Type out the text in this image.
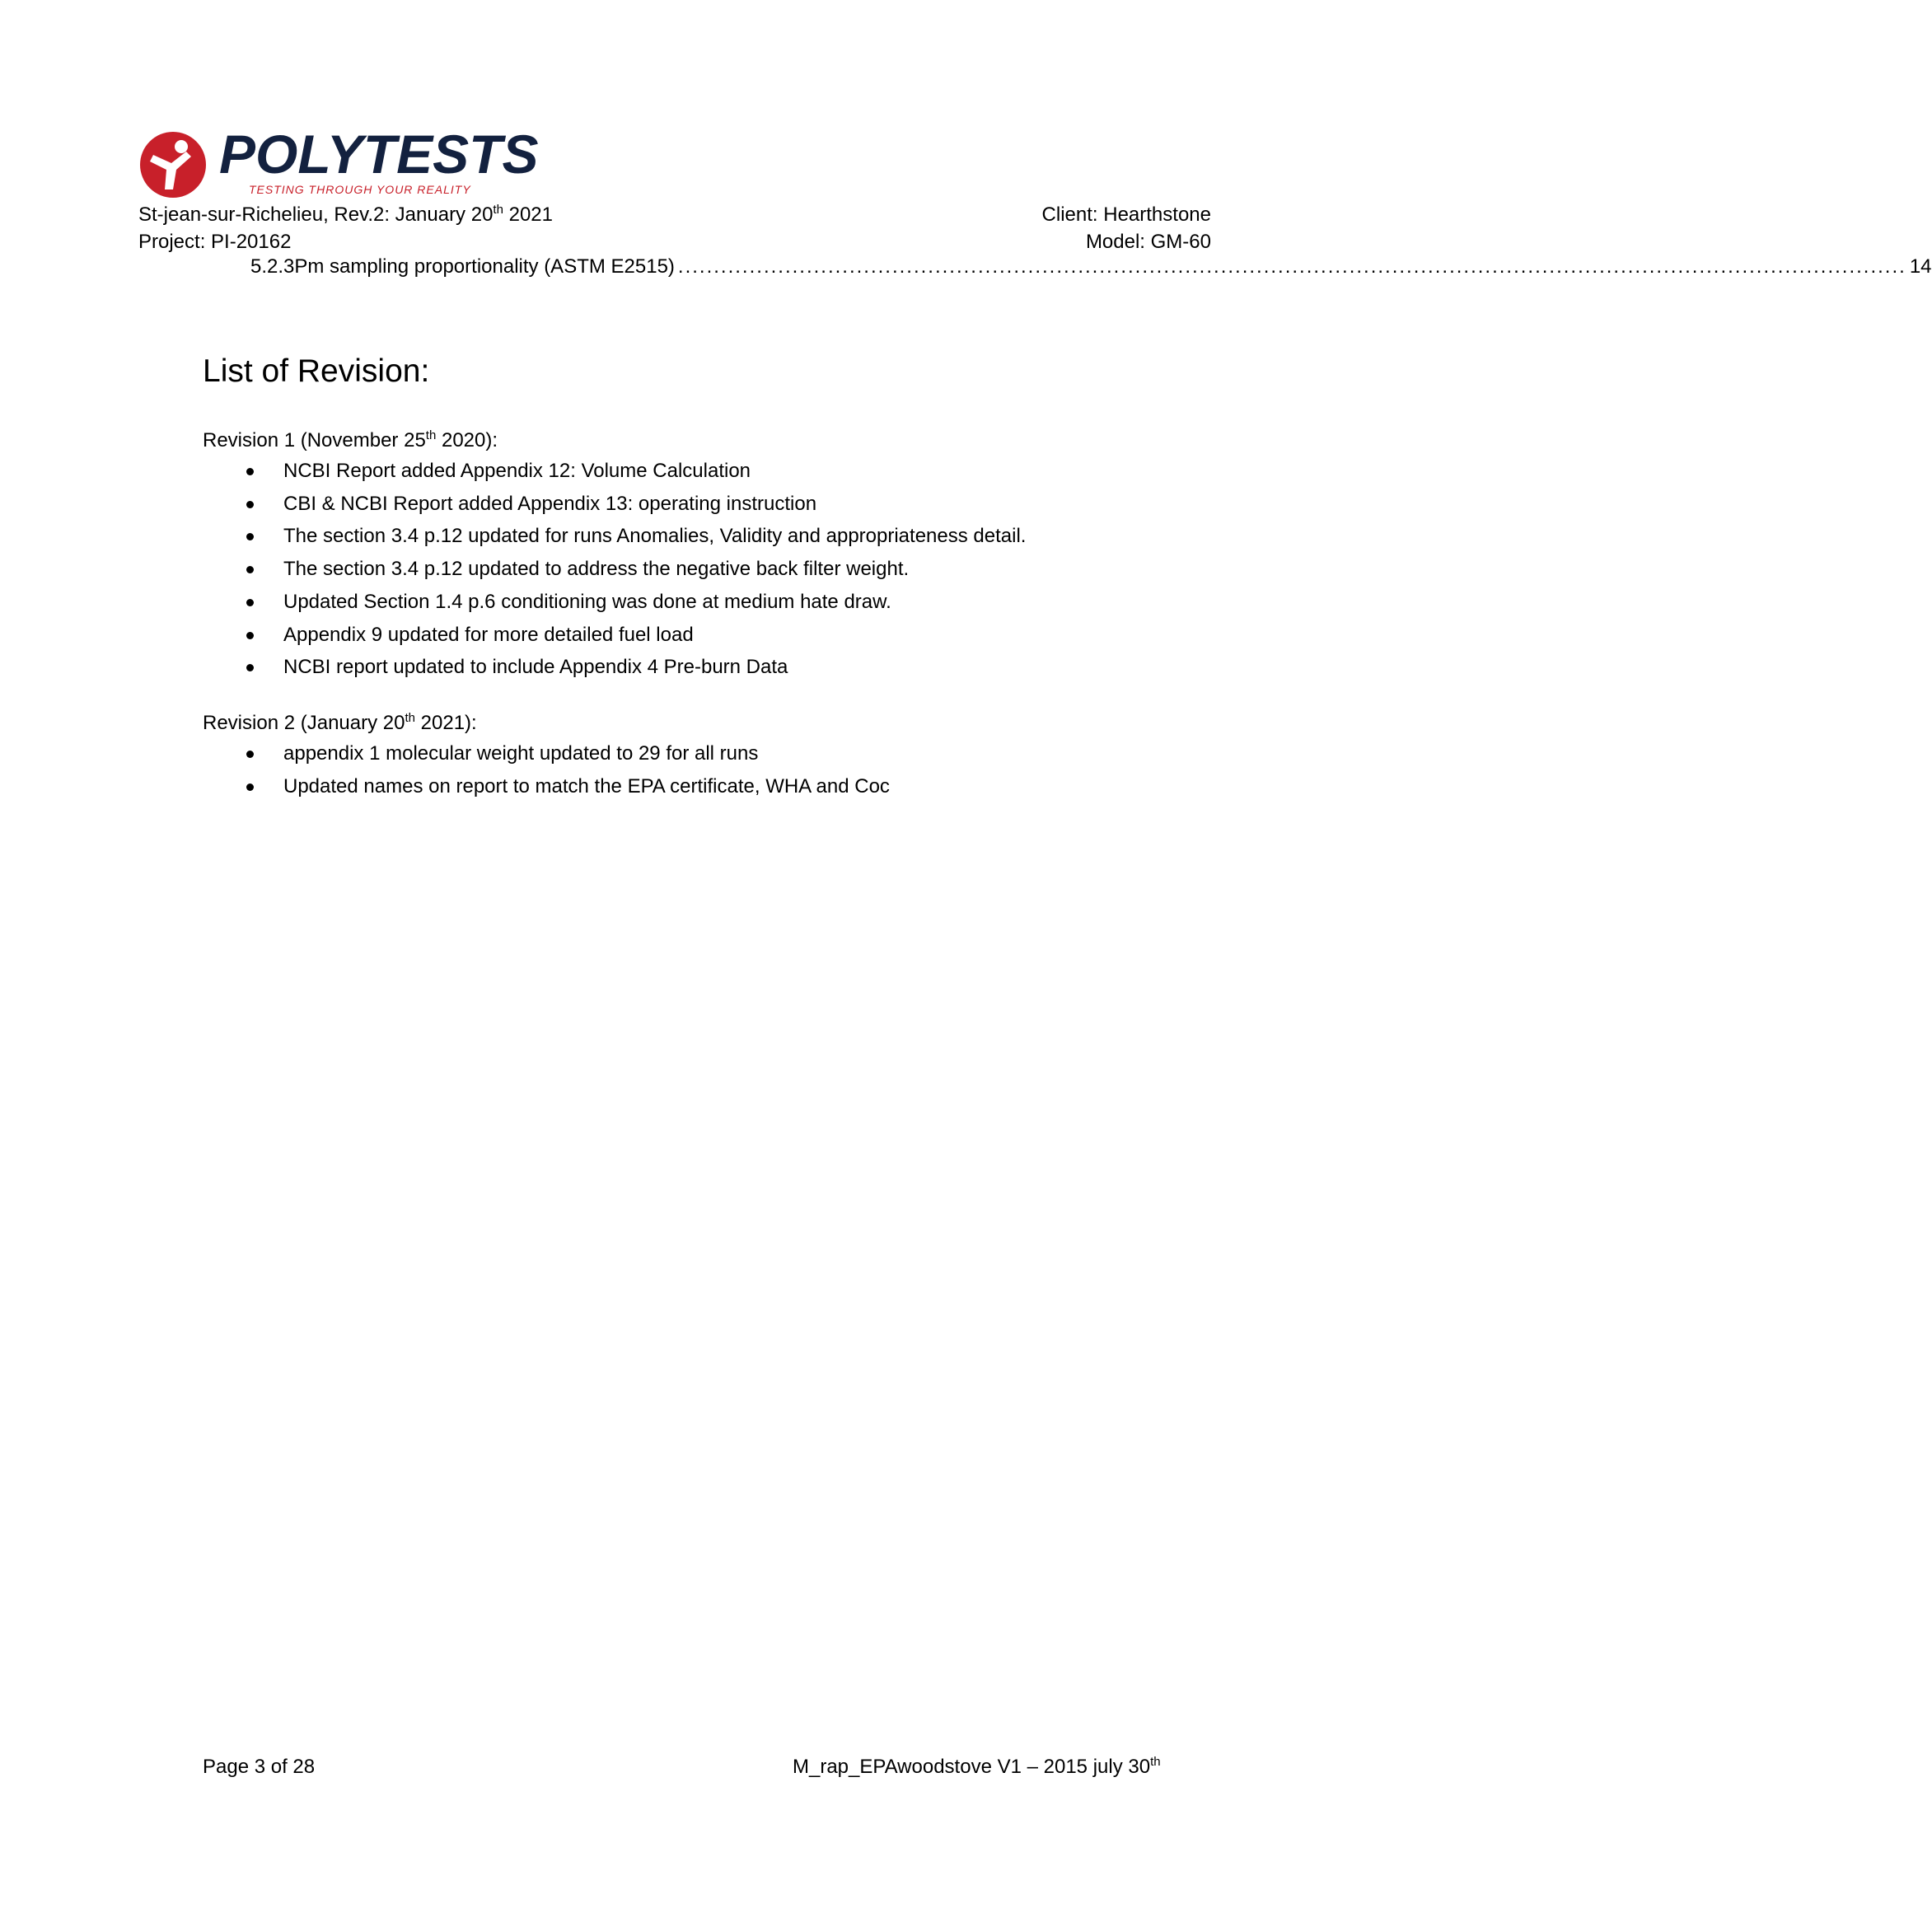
POLYTESTS
TESTING THROUGH YOUR REALITY
St-jean-sur-Richelieu, Rev.2: January 20th 2021
Project: PI-20162
Client: Hearthstone
Model: GM-60
5.2.3 Pm sampling proportionality (ASTM E2515) ............................................................................................................................................................................ 14
List of Revision:
Revision 1 (November 25th 2020):
NCBI Report added Appendix 12: Volume Calculation
CBI & NCBI Report added Appendix 13: operating instruction
The section 3.4 p.12 updated for runs Anomalies, Validity and appropriateness detail.
The section 3.4 p.12 updated to address the negative back filter weight.
Updated Section 1.4 p.6 conditioning was done at medium hate draw.
Appendix 9 updated for more detailed fuel load
NCBI report updated to include Appendix 4 Pre-burn Data
Revision 2 (January 20th 2021):
appendix 1 molecular weight updated to 29 for all runs
Updated names on report to match the EPA certificate, WHA and Coc
Page 3 of 28	M_rap_EPAwoodstove V1 – 2015 july 30th
